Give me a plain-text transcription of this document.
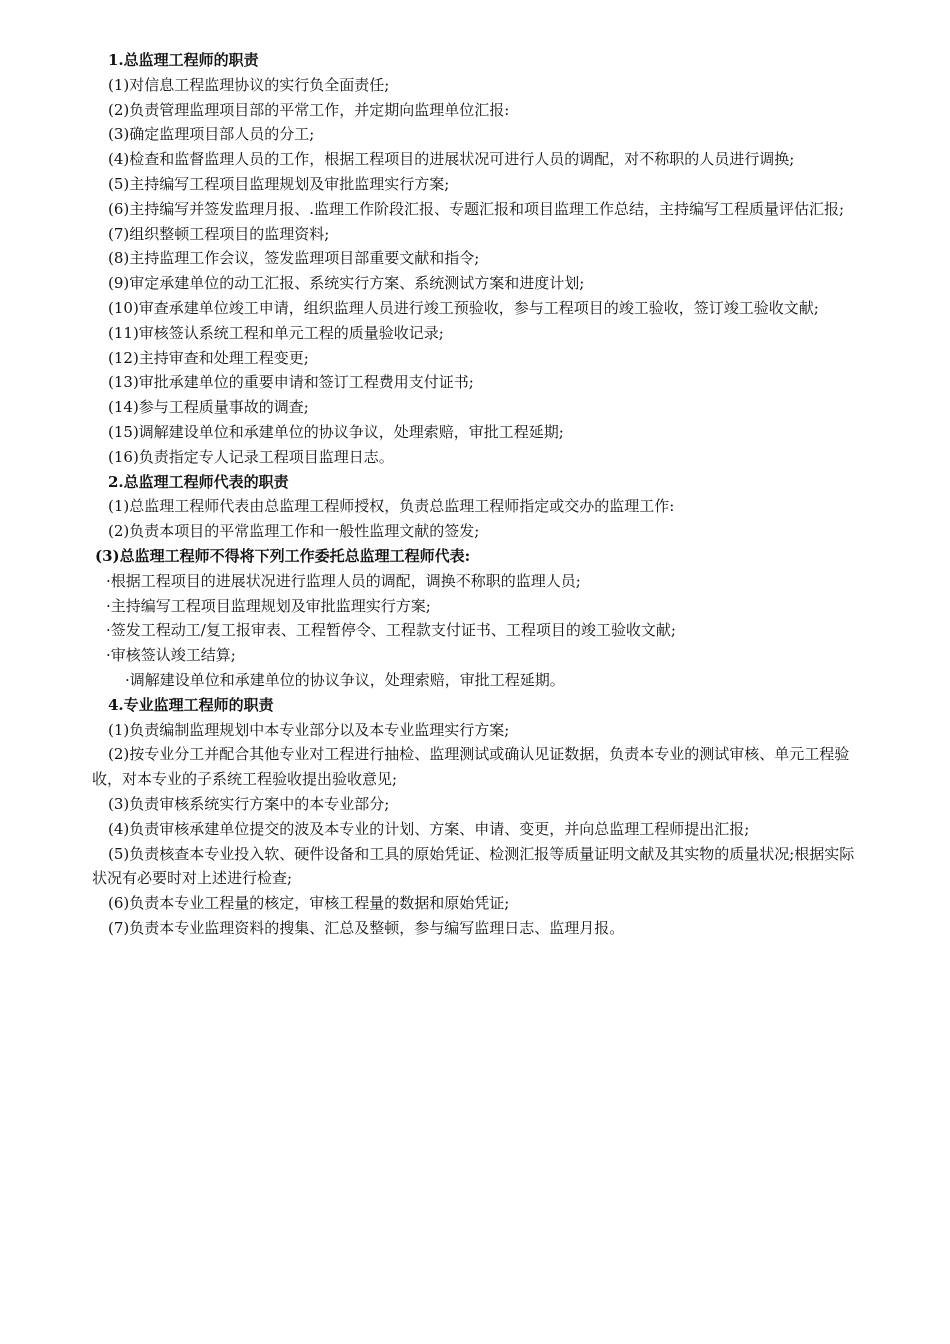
1.总监理工程师的职责
(1)对信息工程监理协议的实行负全面责任;
(2)负责管理监理项目部的平常工作，并定期向监理单位汇报:
(3)确定监理项目部人员的分工;
(4)检查和监督监理人员的工作，根据工程项目的进展状况可进行人员的调配，对不称职的人员进行调换;
(5)主持编写工程项目监理规划及审批监理实行方案;
(6)主持编写并签发监理月报、.监理工作阶段汇报、专题汇报和项目监理工作总结，主持编写工程质量评估汇报;
(7)组织整顿工程项目的监理资料;
(8)主持监理工作会议，签发监理项目部重要文献和指令;
(9)审定承建单位的动工汇报、系统实行方案、系统测试方案和进度计划;
(10)审查承建单位竣工申请，组织监理人员进行竣工预验收，参与工程项目的竣工验收，签订竣工验收文献;
(11)审核签认系统工程和单元工程的质量验收记录;
(12)主持审查和处理工程变更;
(13)审批承建单位的重要申请和签订工程费用支付证书;
(14)参与工程质量事故的调查;
(15)调解建设单位和承建单位的协议争议，处理索赔，审批工程延期;
(16)负责指定专人记录工程项目监理日志。
2.总监理工程师代表的职责
(1)总监理工程师代表由总监理工程师授权，负责总监理工程师指定或交办的监理工作:
(2)负责本项目的平常监理工作和一般性监理文献的签发;
(3)总监理工程师不得将下列工作委托总监理工程师代表:
·根据工程项目的进展状况进行监理人员的调配，调换不称职的监理人员;
·主持编写工程项目监理规划及审批监理实行方案;
·签发工程动工/复工报审表、工程暂停令、工程款支付证书、工程项目的竣工验收文献;
·审核签认竣工结算;
·调解建设单位和承建单位的协议争议，处理索赔，审批工程延期。
4.专业监理工程师的职责
(1)负责编制监理规划中本专业部分以及本专业监理实行方案;
(2)按专业分工并配合其他专业对工程进行抽检、监理测试或确认见证数据，负责本专业的测试审核、单元工程验收，对本专业的子系统工程验收提出验收意见;
(3)负责审核系统实行方案中的本专业部分;
(4)负责审核承建单位提交的波及本专业的计划、方案、申请、变更，并向总监理工程师提出汇报;
(5)负责核查本专业投入软、硬件设备和工具的原始凭证、检测汇报等质量证明文献及其实物的质量状况;根据实际状况有必要时对上述进行检查;
(6)负责本专业工程量的核定，审核工程量的数据和原始凭证;
(7)负责本专业监理资料的搜集、汇总及整顿，参与编写监理日志、监理月报。
